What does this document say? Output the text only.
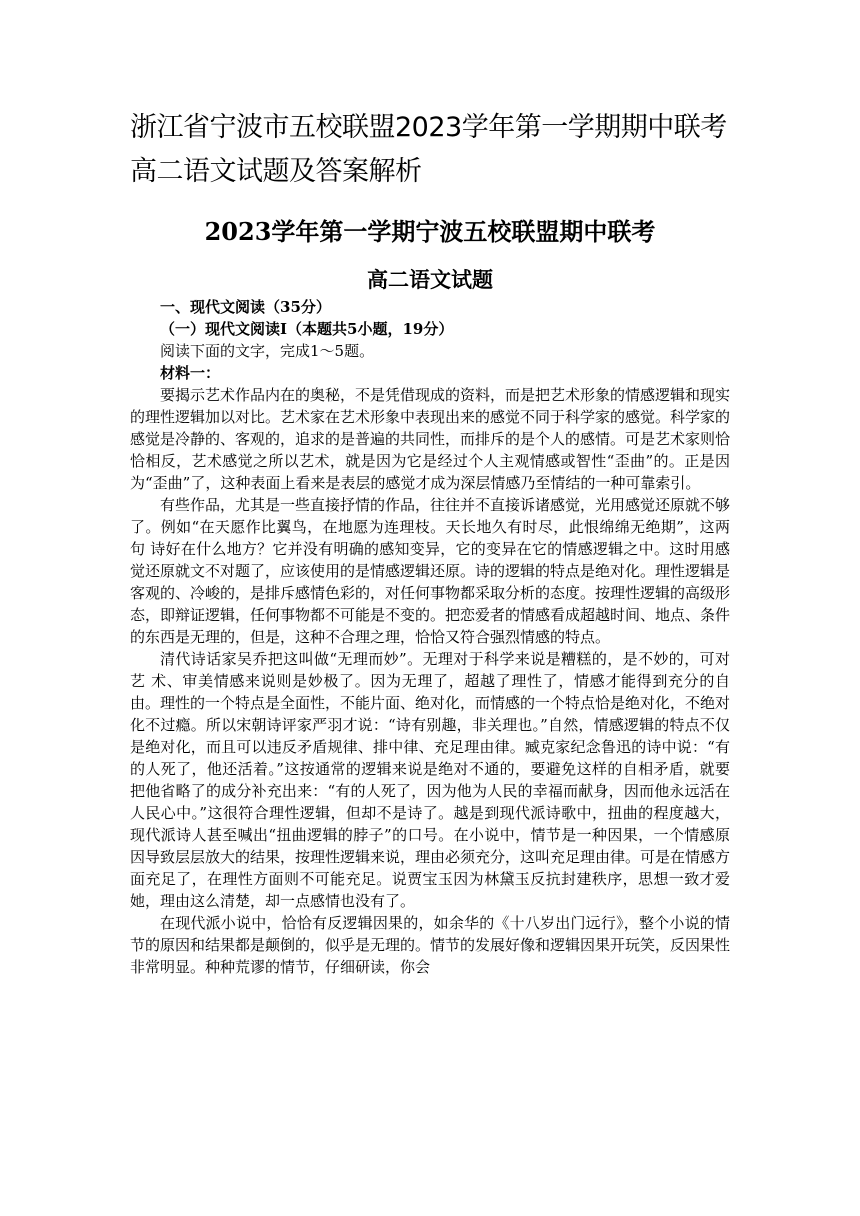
浙江省宁波市五校联盟2023学年第一学期期中联考高二语文试题及答案解析
2023学年第一学期宁波五校联盟期中联考
高二语文试题

一、现代文阅读（35分）

（一）现代文阅读Ⅰ（本题共5小题，19分）

阅读下面的文字，完成1～5题。

材料一：

要揭示艺术作品内在的奥秘，不是凭借现成的资料，而是把艺术形象的情感逻辑和现实的理性逻辑加以对比。艺术家在艺术形象中表现出来的感觉不同于科学家的感觉。科学家的感觉是冷静的、客观的，追求的是普遍的共同性，而排斥的是个人的感情。可是艺术家则恰恰相反，艺术感觉之所以艺术，就是因为它是经过个人主观情感或智性“歪曲”的。正是因为“歪曲”了，这种表面上看来是表层的感觉才成为深层情感乃至情结的一种可靠索引。

有些作品，尤其是一些直接抒情的作品，往往并不直接诉诸感觉，光用感觉还原就不够了。例如“在天愿作比翼鸟，在地愿为连理枝。天长地久有时尽，此恨绵绵无绝期”，这两句 诗好在什么地方？它并没有明确的感知变异，它的变异在它的情感逻辑之中。这时用感觉还原就文不对题了，应该使用的是情感逻辑还原。诗的逻辑的特点是绝对化。理性逻辑是客观的、冷峻的，是排斥感情色彩的，对任何事物都采取分析的态度。按理性逻辑的高级形态，即辩证逻辑，任何事物都不可能是不变的。把恋爱者的情感看成超越时间、地点、条件的东西是无理的，但是，这种不合理之理，恰恰又符合强烈情感的特点。

清代诗话家吴乔把这叫做“无理而妙”。无理对于科学来说是糟糕的，是不妙的，可对艺 术、审美情感来说则是妙极了。因为无理了，超越了理性了，情感才能得到充分的自由。理性的一个特点是全面性，不能片面、绝对化，而情感的一个特点恰是绝对化，不绝对化不过瘾。所以宋朝诗评家严羽才说：“诗有别趣，非关理也。”自然，情感逻辑的特点不仅是绝对化，而且可以违反矛盾规律、排中律、充足理由律。臧克家纪念鲁迅的诗中说：“有的人死了，他还活着。”这按通常的逻辑来说是绝对不通的，要避免这样的自相矛盾，就要把他省略了的成分补充出来：“有的人死了，因为他为人民的幸福而献身，因而他永远活在人民心中。”这很符合理性逻辑，但却不是诗了。越是到现代派诗歌中，扭曲的程度越大，现代派诗人甚至喊出“扭曲逻辑的脖子”的口号。在小说中，情节是一种因果，一个情感原因导致层层放大的结果，按理性逻辑来说，理由必须充分，这叫充足理由律。可是在情感方面充足了，在理性方面则不可能充足。说贾宝玉因为林黛玉反抗封建秩序，思想一致才爱她，理由这么清楚，却一点感情也没有了。

在现代派小说中，恰恰有反逻辑因果的，如余华的《十八岁出门远行》，整个小说的情节的原因和结果都是颠倒的，似乎是无理的。情节的发展好像和逻辑因果开玩笑，反因果性非常明显。种种荒谬的情节，仔细研读，你会
